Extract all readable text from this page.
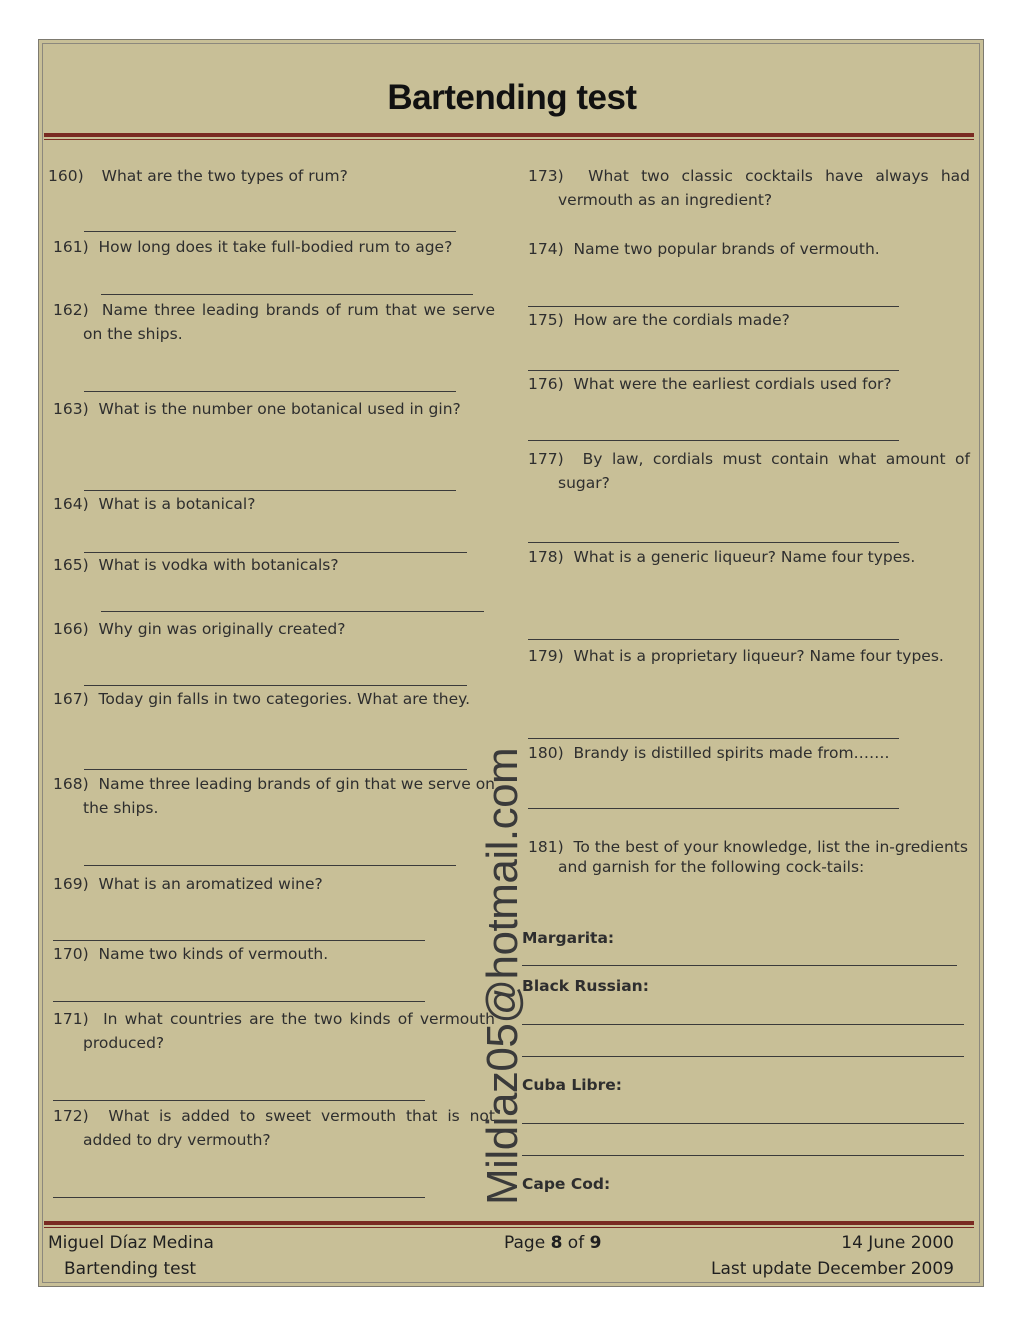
Bartending test
160) What are the two types of rum?
161) How long does it take full-bodied rum to age?
162) Name three leading brands of rum that we serve on the ships.
163) What is the number one botanical used in gin?
164) What is a botanical?
165) What is vodka with botanicals?
166) Why gin was originally created?
167) Today gin falls in two categories. What are they.
168) Name three leading brands of gin that we serve on the ships.
169) What is an aromatized wine?
170) Name two kinds of vermouth.
171) In what countries are the two kinds of vermouth produced?
172) What is added to sweet vermouth that is not added to dry vermouth?	Mildiaz05@hotmail.com
173) What two classic cocktails have always had vermouth as an ingredient?
174) Name two popular brands of vermouth.
175) How are the cordials made?
176) What were the earliest cordials used for?
177) By law, cordials must contain what amount of sugar?
178) What is a generic liqueur? Name four types.
179) What is a proprietary liqueur? Name four types.
180) Brandy is distilled spirits made from…….
181) To the best of your knowledge, list the in-gredients and garnish for the following cock-tails:
Margarita:
Black Russian:
Cuba Libre:
Cape Cod:
Miguel Díaz Medina
Bartending test
Page 8 of 9	14 June 2000
Last update December 2009
